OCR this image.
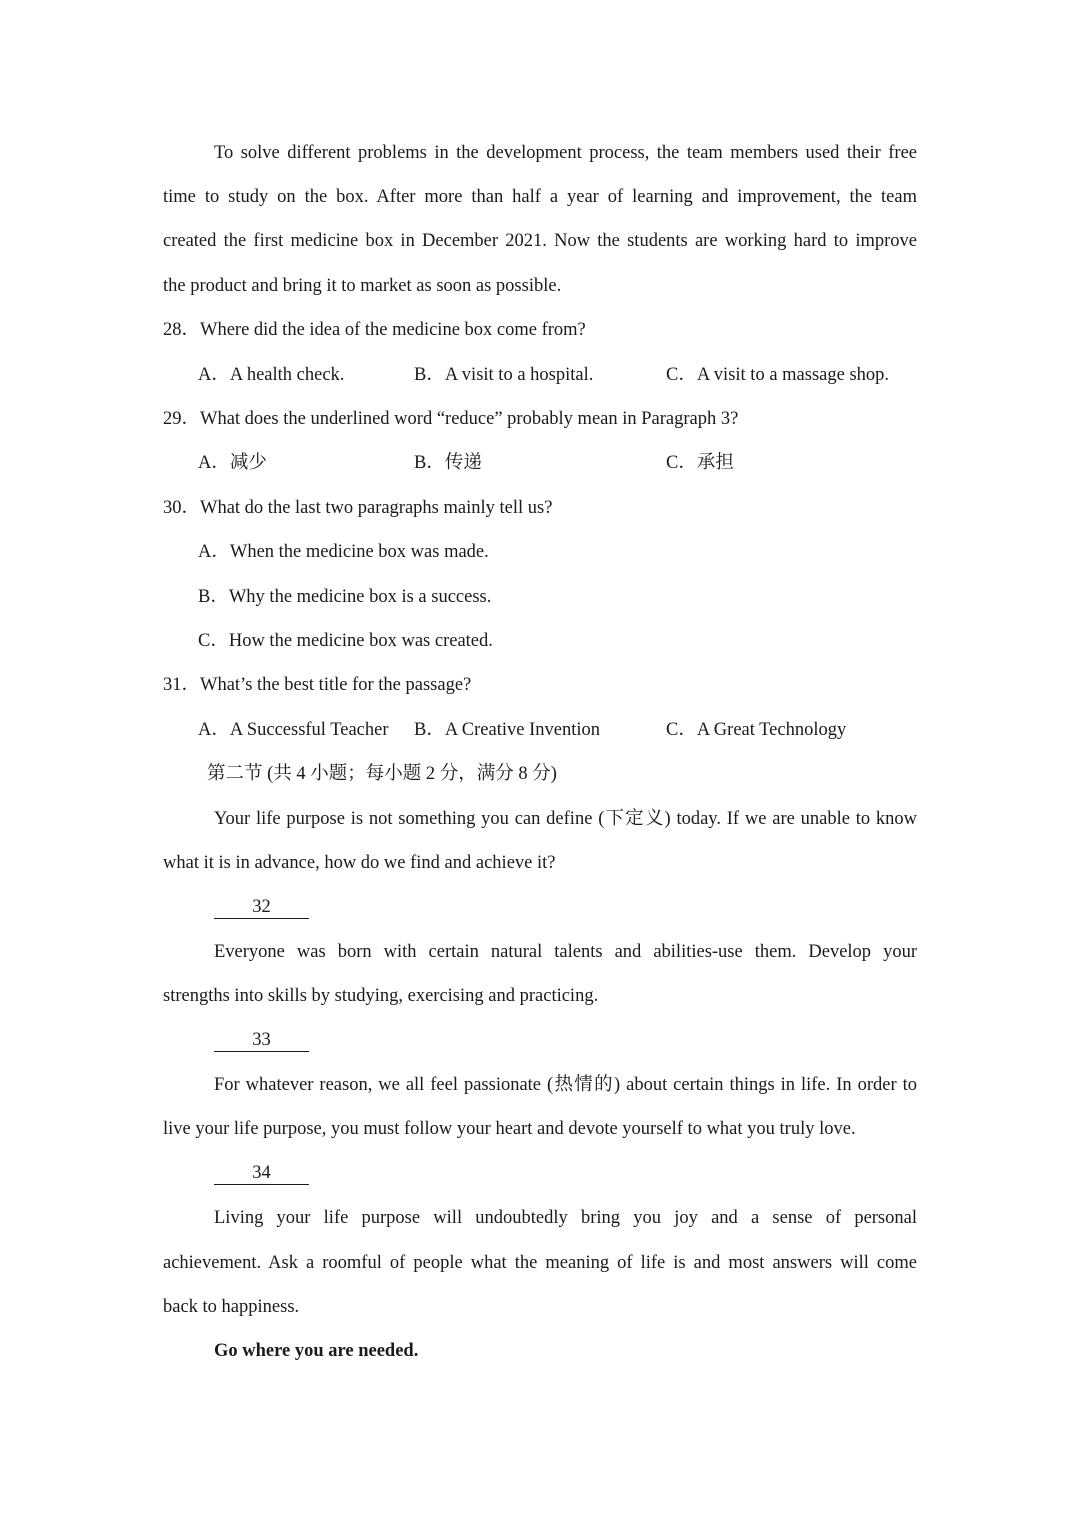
To solve different problems in the development process, the team members used their free
time to study on the box. After more than half a year of learning and improvement, the team
created the first medicine box in December 2021. Now the students are working hard to improve
the product and bring it to market as soon as possible.
28．Where did the idea of the medicine box come from?
A．A health check.	B．A visit to a hospital.	C．A visit to a massage shop.
29．What does the underlined word “reduce” probably mean in Paragraph 3?
A．减少	B．传递	C．承担
30．What do the last two paragraphs mainly tell us?
A．When the medicine box was made.
B．Why the medicine box is a success.
C．How the medicine box was created.
31．What’s the best title for the passage?
A．A Successful Teacher B．A Creative Invention	C．A Great Technology
第二节 (共 4 小题；每小题 2 分，满分 8 分)
Your life purpose is not something you can define (下定义) today. If we are unable to know
what it is in advance, how do we find and achieve it?
32
Everyone was born with certain natural talents and abilities-use them. Develop your
strengths into skills by studying, exercising and practicing.
33
For whatever reason, we all feel passionate (热情的) about certain things in life. In order to
live your life purpose, you must follow your heart and devote yourself to what you truly love.
34
Living your life purpose will undoubtedly bring you joy and a sense of personal
achievement. Ask a roomful of people what the meaning of life is and most answers will come
back to happiness.
Go where you are needed.
